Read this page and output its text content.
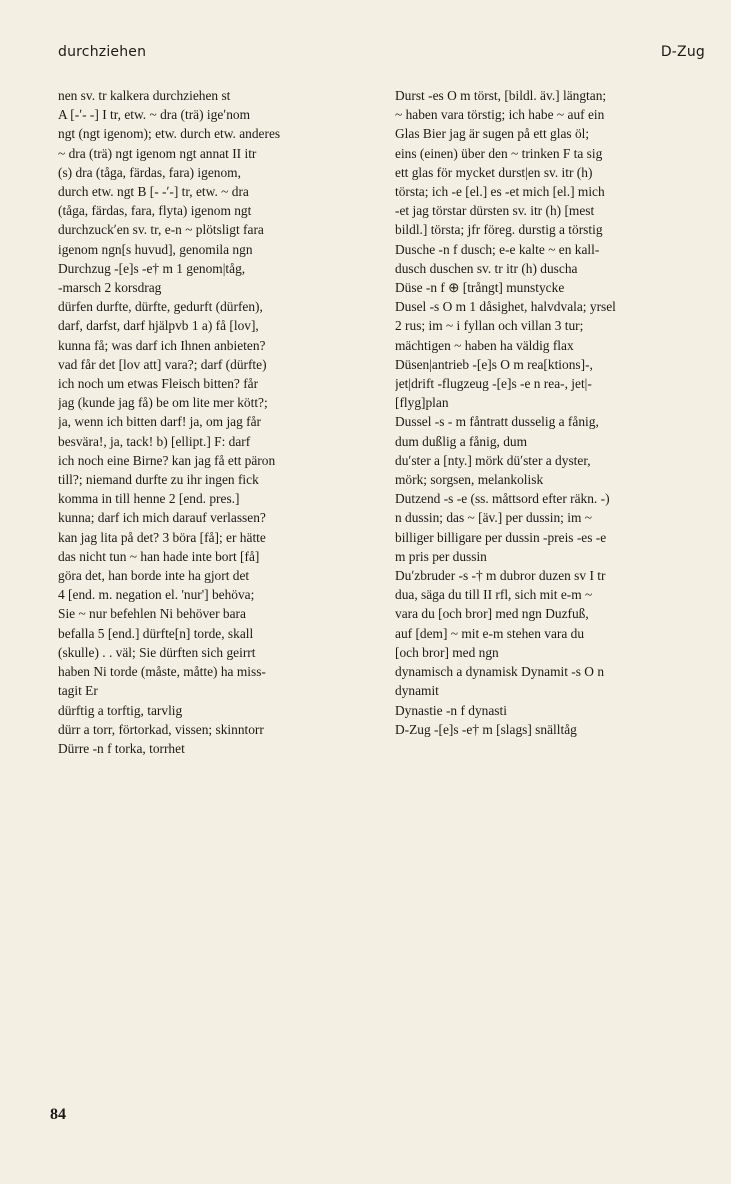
durchziehen	D-Zug
nen sv. tr kalkera durchziehen st
A [-ʹ- -] I tr, etw. ~ dra (trä) igeʹnom
ngt (ngt igenom); etw. durch etw. anderes
~ dra (trä) ngt igenom ngt annat II itr
(s) dra (tåga, färdas, fara) igenom,
durch etw. ngt B [- -ʹ-] tr, etw. ~ dra
(tåga, färdas, fara, flyta) igenom ngt
durchzuckʹen sv. tr, e-n ~ plötsligt fara
igenom ngn[s huvud], genomila ngn
Durchzug -[e]s -e† m 1 genom|tåg,
-marsch 2 korsdrag
dürfen durfte, dürfte, gedurft (dürfen),
darf, darfst, darf hjälpvb 1 a) få [lov],
kunna få; was darf ich Ihnen anbieten?
vad får det [lov att] vara?; darf (dürfte)
ich noch um etwas Fleisch bitten? får
jag (kunde jag få) be om lite mer kött?;
ja, wenn ich bitten darf! ja, om jag får
besvära!, ja, tack! b) [ellipt.] F: darf
ich noch eine Birne? kan jag få ett päron
till?; niemand durfte zu ihr ingen fick
komma in till henne 2 [end. pres.]
kunna; darf ich mich darauf verlassen?
kan jag lita på det? 3 böra [få]; er hätte
das nicht tun ~ han hade inte bort [få]
göra det, han borde inte ha gjort det
4 [end. m. negation el. 'nur'] behöva;
Sie ~ nur befehlen Ni behöver bara
befalla 5 [end.] dürfte[n] torde, skall
(skulle) . . väl; Sie dürften sich geirrt
haben Ni torde (måste, måtte) ha miss-
tagit Er
dürftig a torftig, tarvlig
dürr a torr, förtorkad, vissen; skinntorr
Dürre -n f torka, torrhet
Durst -es O m törst, [bildl. äv.] längtan;
~ haben vara törstig; ich habe ~ auf ein
Glas Bier jag är sugen på ett glas öl;
eins (einen) über den ~ trinken F ta sig
ett glas för mycket durst|en sv. itr (h)
törsta; ich -e [el.] es -et mich [el.] mich
-et jag törstar dürsten sv. itr (h) [mest
bildl.] törsta; jfr föreg. durstig a törstig
Dusche -n f dusch; e-e kalte ~ en kall-
dusch duschen sv. tr itr (h) duscha
Düse -n f ⊕ [trångt] munstycke
Dusel -s O m 1 dåsighet, halvdvala; yrsel
2 rus; im ~ i fyllan och villan 3 tur;
mächtigen ~ haben ha väldig flax
Düsen|antrieb -[e]s O m rea[ktions]-,
jet|drift -flugzeug -[e]s -e n rea-, jet|-
[flyg]plan
Dussel -s - m fåntratt dusselig a fånig,
dum dußlig a fånig, dum
duʹster a [nty.] mörk düʹster a dyster,
mörk; sorgsen, melankolisk
Dutzend -s -e (ss. måttsord efter räkn. -)
n dussin; das ~ [äv.] per dussin; im ~
billiger billigare per dussin -preis -es -e
m pris per dussin
Duʹzbruder -s -† m dubror duzen sv I tr
dua, säga du till II rfl, sich mit e-m ~
vara du [och bror] med ngn Duzfuß,
auf [dem] ~ mit e-m stehen vara du
[och bror] med ngn
dynamisch a dynamisk Dynamit -s O n
dynamit
Dynastie -n f dynasti
D-Zug -[e]s -e† m [slags] snälltåg
84
